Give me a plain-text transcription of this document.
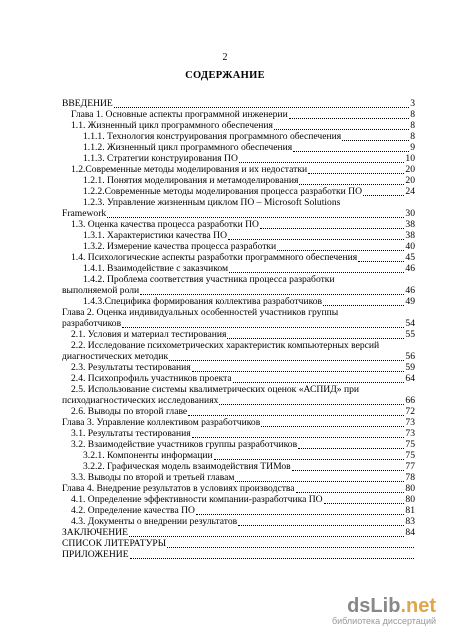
2
СОДЕРЖАНИЕ
ВВЕДЕНИЕ	3
Глава 1. Основные аспекты программной инженерии	8
1.1. Жизненный цикл программного обеспечения	8
1.1.1. Технология конструирования программного обеспечения	8
1.1.2. Жизненный цикл программного обеспечения	9
1.1.3. Стратегии конструирования ПО	10
1.2.Современные методы моделирования и их недостатки	20
1.2.1. Понятия моделирования и метамоделирования	20
1.2.2.Современные методы моделирования процесса разработки ПО	24
1.2.3. Управление жизненным циклом ПО – Microsoft Solutions
Framework	30
1.3. Оценка качества процесса разработки ПО	38
1.3.1. Характеристики качества ПО	38
1.3.2. Измерение качества процесса разработки	40
1.4. Психологические аспекты разработки программного обеспечения	45
1.4.1. Взаимодействие с заказчиком	46
1.4.2. Проблема соответствия участника процесса разработки
выполняемой роли	46
1.4.3.Специфика формирования коллектива разработчиков	49
Глава 2. Оценка индивидуальных особенностей участников группы
разработчиков	54
2.1. Условия и материал тестирования	55
2.2. Исследование психометрических характеристик компьютерных версий
диагностических методик	56
2.3. Результаты тестирования	59
2.4. Психопрофиль участников проекта	64
2.5. Использование системы квалиметрических оценок «АСПИД» при
психодиагностических исследованиях	66
2.6. Выводы по второй главе	72
Глава 3. Управление коллективом разработчиков	73
3.1. Результаты тестирования	73
3.2. Взаимодействие участников группы разработчиков	75
3.2.1. Компоненты информации	75
3.2.2. Графическая модель взаимодействия ТИМов	77
3.3. Выводы по второй и третьей главам	78
Глава 4. Внедрение результатов в условиях производства	80
4.1. Определение эффективности компании-разработчика ПО	80
4.2. Определение качества ПО	81
4.3. Документы о внедрении результатов	83
ЗАКЛЮЧЕНИЕ	84
СПИСОК ЛИТЕРАТУРЫ
ПРИЛОЖЕНИЕ
dsLib.net
библиотека диссертаций
